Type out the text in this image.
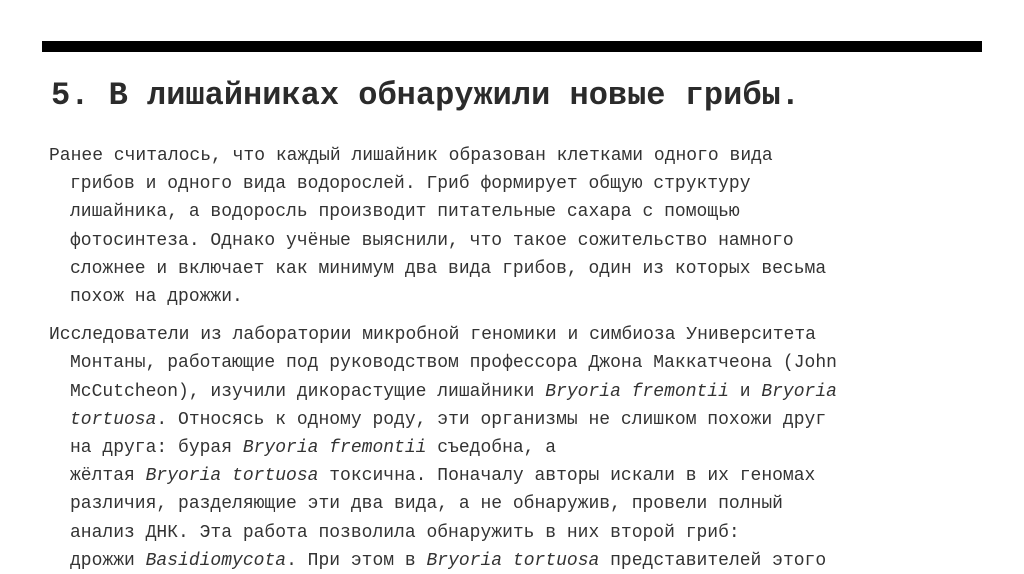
5. В лишайниках обнаружили новые грибы.

Ранее считалось, что каждый лишайник образован клетками одного вида
грибов и одного вида водорослей. Гриб формирует общую структуру
лишайника, а водоросль производит питательные сахара с помощью
фотосинтеза. Однако учёные выяснили, что такое сожительство намного
сложнее и включает как минимум два вида грибов, один из которых весьма
похож на дрожжи.

Исследователи из лаборатории микробной геномики и симбиоза Университета
Монтаны, работающие под руководством профессора Джона Маккатчеона (John
McCutcheon), изучили дикорастущие лишайники Bryoria fremontii и Bryoria
tortuosa. Относясь к одному роду, эти организмы не слишком похожи друг
на друга: бурая Bryoria fremontii съедобна, а
жёлтая Bryoria tortuosa токсична. Поначалу авторы искали в их геномах
различия, разделяющие эти два вида, а не обнаружив, провели полный
анализ ДНК. Эта работа позволила обнаружить в них второй гриб:
дрожжи Basidiomycota. При этом в Bryoria tortuosa представителей этого
